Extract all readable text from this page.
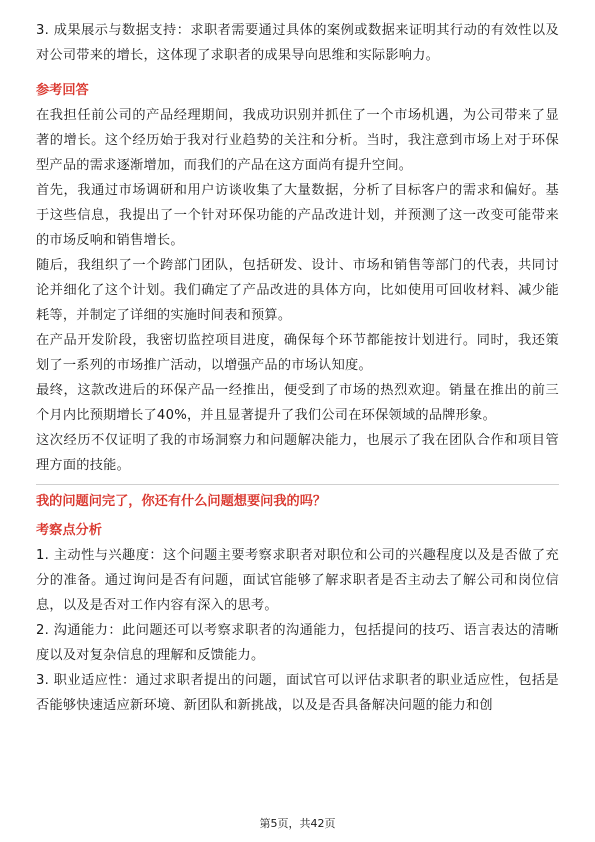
3. 成果展示与数据支持：求职者需要通过具体的案例或数据来证明其行动的有效性以及对公司带来的增长，这体现了求职者的成果导向思维和实际影响力。

参考回答

在我担任前公司的产品经理期间，我成功识别并抓住了一个市场机遇，为公司带来了显著的增长。这个经历始于我对行业趋势的关注和分析。当时，我注意到市场上对于环保型产品的需求逐渐增加，而我们的产品在这方面尚有提升空间。

首先，我通过市场调研和用户访谈收集了大量数据，分析了目标客户的需求和偏好。基于这些信息，我提出了一个针对环保功能的产品改进计划，并预测了这一改变可能带来的市场反响和销售增长。

随后，我组织了一个跨部门团队，包括研发、设计、市场和销售等部门的代表，共同讨论并细化了这个计划。我们确定了产品改进的具体方向，比如使用可回收材料、减少能耗等，并制定了详细的实施时间表和预算。

在产品开发阶段，我密切监控项目进度，确保每个环节都能按计划进行。同时，我还策划了一系列的市场推广活动，以增强产品的市场认知度。

最终，这款改进后的环保产品一经推出，便受到了市场的热烈欢迎。销量在推出的前三个月内比预期增长了40%，并且显著提升了我们公司在环保领域的品牌形象。

这次经历不仅证明了我的市场洞察力和问题解决能力，也展示了我在团队合作和项目管理方面的技能。

我的问题问完了，你还有什么问题想要问我的吗？

考察点分析

1. 主动性与兴趣度：这个问题主要考察求职者对职位和公司的兴趣程度以及是否做了充分的准备。通过询问是否有问题，面试官能够了解求职者是否主动去了解公司和岗位信息，以及是否对工作内容有深入的思考。

2. 沟通能力：此问题还可以考察求职者的沟通能力，包括提问的技巧、语言表达的清晰度以及对复杂信息的理解和反馈能力。

3. 职业适应性：通过求职者提出的问题，面试官可以评估求职者的职业适应性，包括是否能够快速适应新环境、新团队和新挑战，以及是否具备解决问题的能力和创

第5页，共42页
